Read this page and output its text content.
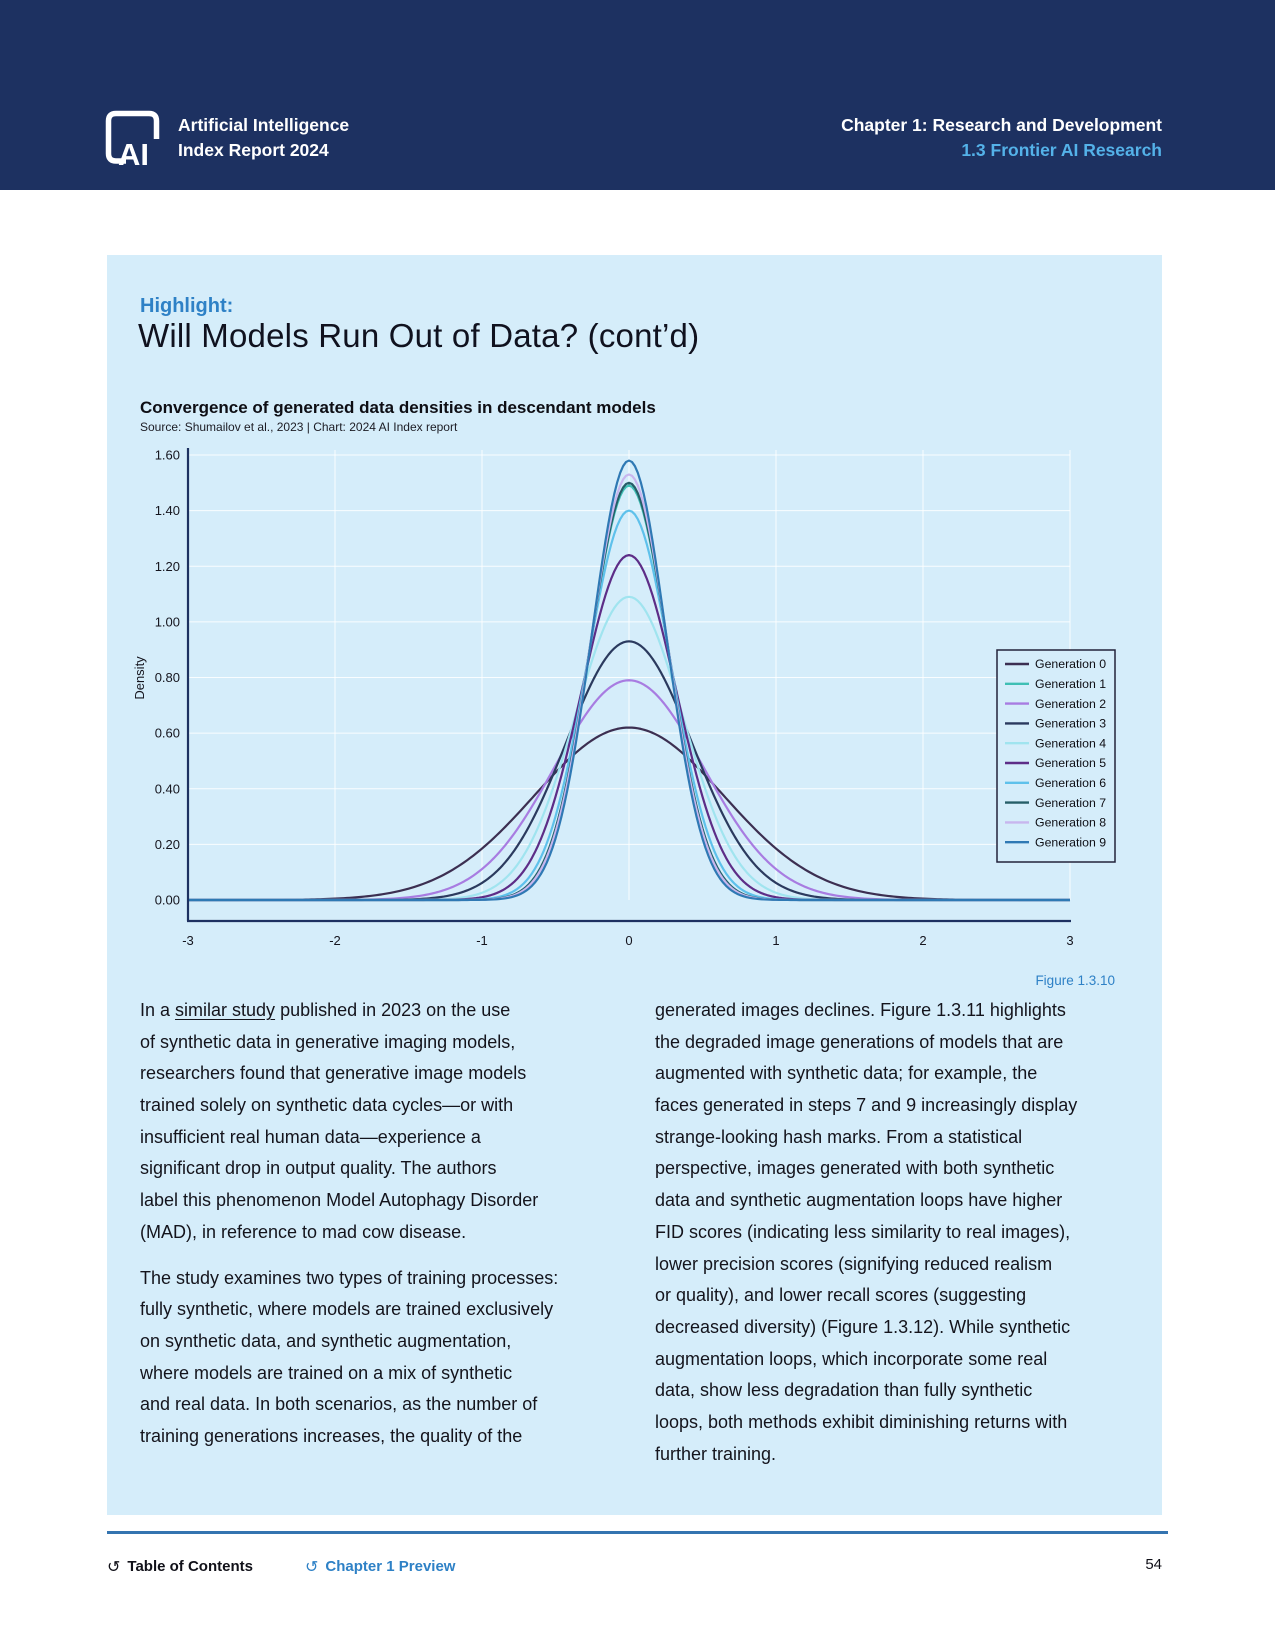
AI
Artificial Intelligence
Index Report 2024
Chapter 1: Research and Development
1.3 Frontier AI Research
Highlight:
Will Models Run Out of Data? (cont’d)
Convergence of generated data densities in descendant models
Source: Shumailov et al., 2023 | Chart: 2024 AI Index report
0.00
0.20
0.40
0.60
0.80
1.00
1.20
1.40
1.60
-3	-2	-1	0	1	2	3
Density	Generation 0
Generation 1
Generation 2
Generation 3
Generation 4
Generation 5
Generation 6
Generation 7
Generation 8
Generation 9
Figure 1.3.10
In a similar study published in 2023 on the use
of synthetic data in generative imaging models,
researchers found that generative image models
trained solely on synthetic data cycles—or with
insufficient real human data—experience a
significant drop in output quality. The authors
label this phenomenon Model Autophagy Disorder
(MAD), in reference to mad cow disease.
The study examines two types of training processes:
fully synthetic, where models are trained exclusively
on synthetic data, and synthetic augmentation,
where models are trained on a mix of synthetic
and real data. In both scenarios, as the number of
training generations increases, the quality of the
generated images declines. Figure 1.3.11 highlights
the degraded image generations of models that are
augmented with synthetic data; for example, the
faces generated in steps 7 and 9 increasingly display
strange-looking hash marks. From a statistical
perspective, images generated with both synthetic
data and synthetic augmentation loops have higher
FID scores (indicating less similarity to real images),
lower precision scores (signifying reduced realism
or quality), and lower recall scores (suggesting
decreased diversity) (Figure 1.3.12). While synthetic
augmentation loops, which incorporate some real
data, show less degradation than fully synthetic
loops, both methods exhibit diminishing returns with
further training.
↺ Table of Contents	↺ Chapter 1 Preview	54
